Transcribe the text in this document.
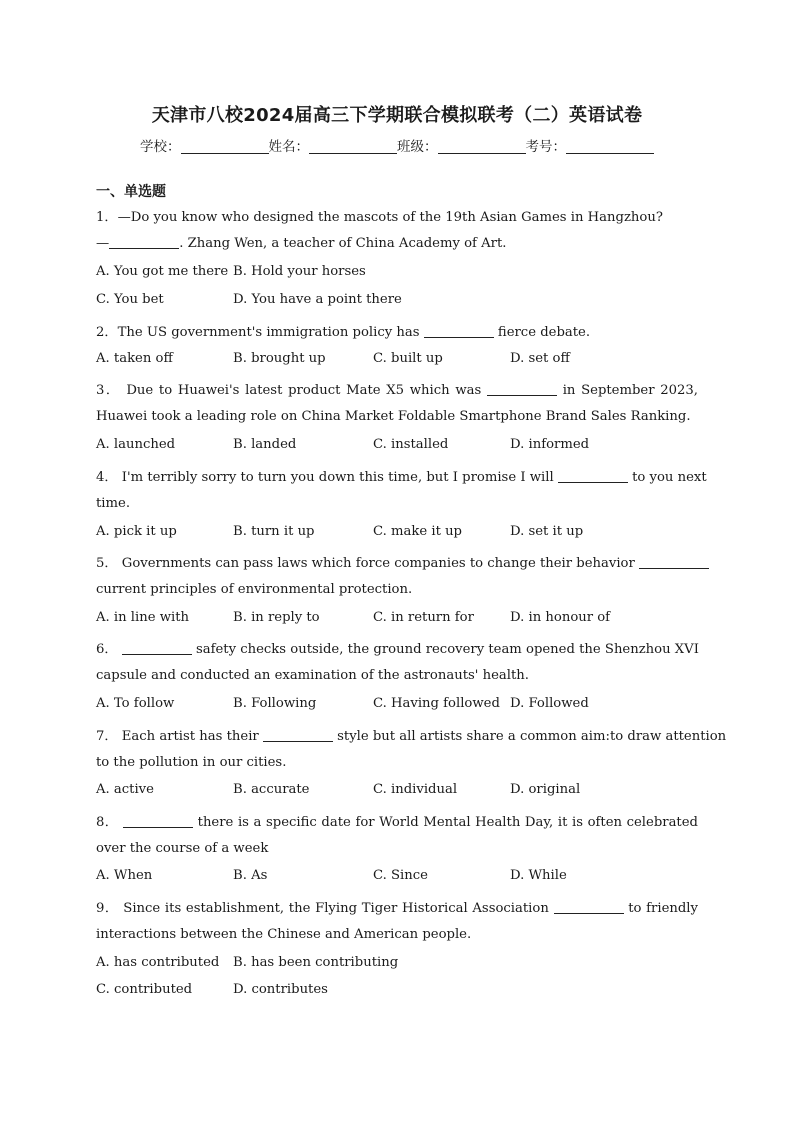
天津市八校2024届高三下学期联合模拟联考（二）英语试卷
学校：	姓名：	班级：	考号：
一、单选题
1．—Do you know who designed the mascots of the 19th Asian Games in Hangzhou?
—	. Zhang Wen, a teacher of China Academy of Art.
A. You got me there B. Hold your horses
C. You bet	D. You have a point there
2．The US government's immigration policy has	fierce debate.
A. taken off	B. brought up	C. built up	D. set off
3． Due to Huawei's latest product Mate X5 which was	in September 2023,
Huawei took a leading role on China Market Foldable Smartphone Brand Sales Ranking.
A. launched	B. landed	C. installed	D. informed
4． I'm terribly sorry to turn you down this time, but I promise I will	to you next
time.
A. pick it up	B. turn it up	C. make it up	D. set it up
5． Governments can pass laws which force companies to change their behavior
current principles of environmental protection.
A. in line with	B. in reply to	C. in return for	D. in honour of
6．	safety checks outside, the ground recovery team opened the Shenzhou XVI
capsule and conducted an examination of the astronauts' health.
A. To follow	B. Following	C. Having followed D. Followed
7． Each artist has their	style but all artists share a common aim:to draw attention
to the pollution in our cities.
A. active	B. accurate	C. individual	D. original
8．	there is a specific date for World Mental Health Day, it is often celebrated
over the course of a week
A. When	B. As	C. Since	D. While
9． Since its establishment, the Flying Tiger Historical Association	to friendly
interactions between the Chinese and American people.
A. has contributed B. has been contributing
C. contributed	D. contributes
